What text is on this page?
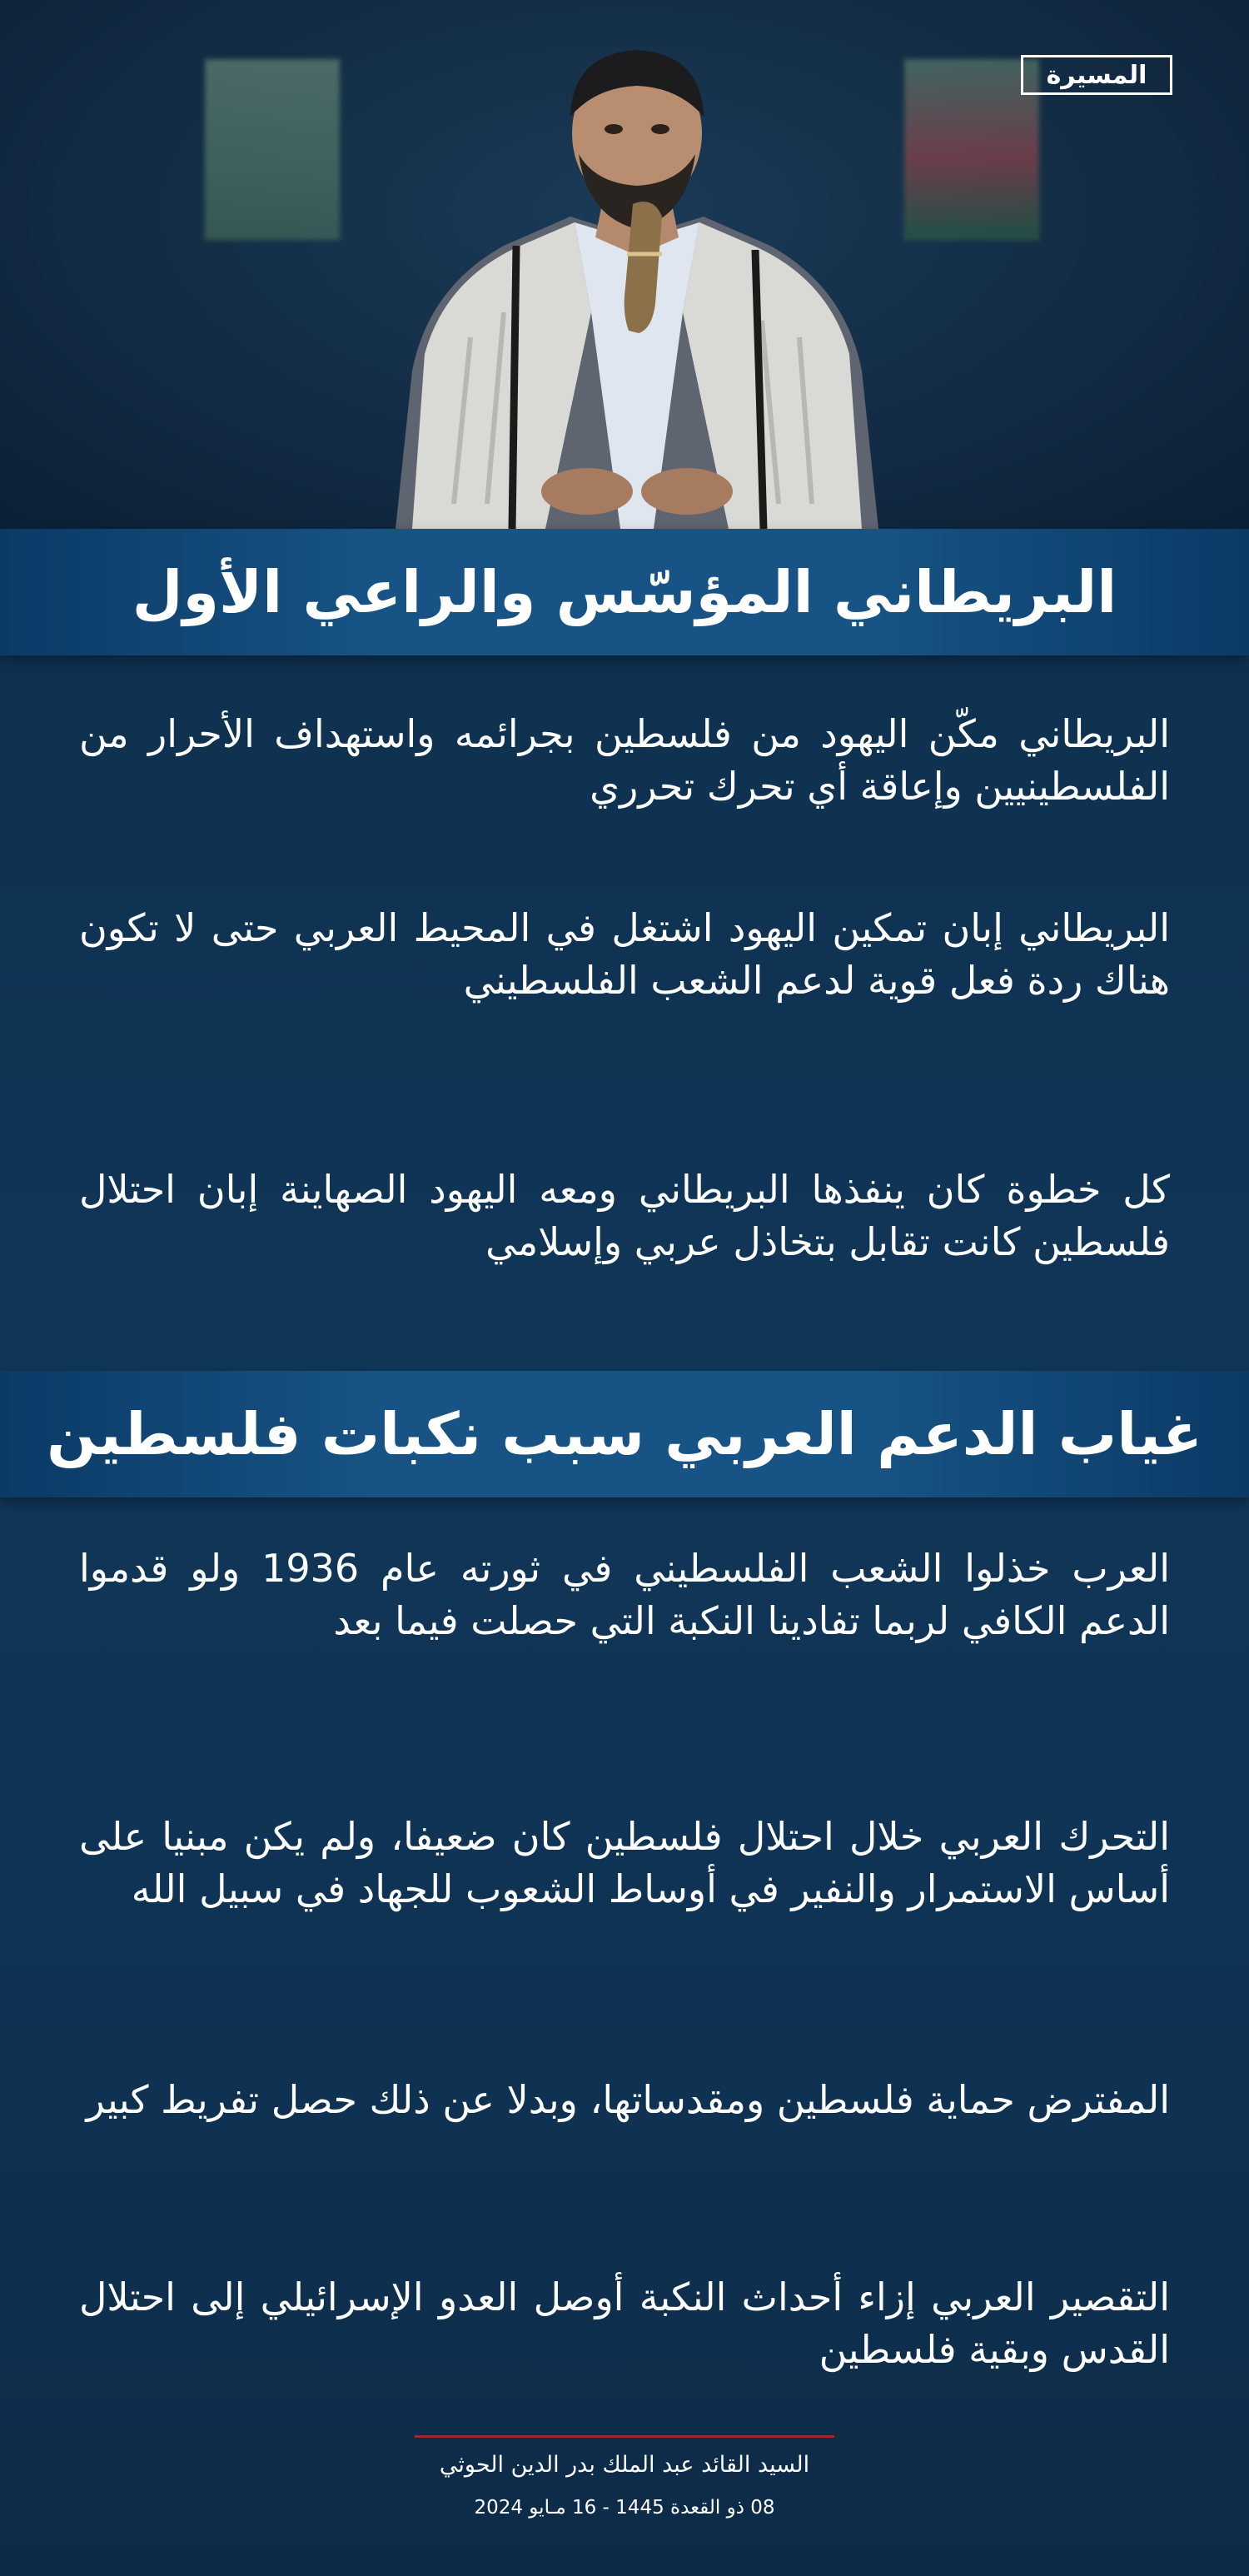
المسيرة
البريطاني المؤسّس والراعي الأول

البريطاني مكّن اليهود من فلسطين بجرائمه واستهداف الأحرار من الفلسطينيين وإعاقة أي تحرك تحرري

البريطاني إبان تمكين اليهود اشتغل في المحيط العربي حتى لا تكون هناك ردة فعل قوية لدعم الشعب الفلسطيني

كل خطوة كان ينفذها البريطاني ومعه اليهود الصهاينة إبان احتلال فلسطين كانت تقابل بتخاذل عربي وإسلامي

غياب الدعم العربي سبب نكبات فلسطين

العرب خذلوا الشعب الفلسطيني في ثورته عام 1936 ولو قدموا الدعم الكافي لربما تفادينا النكبة التي حصلت فيما بعد

التحرك العربي خلال احتلال فلسطين كان ضعيفا، ولم يكن مبنيا على أساس الاستمرار والنفير في أوساط الشعوب للجهاد في سبيل الله

المفترض حماية فلسطين ومقدساتها، وبدلا عن ذلك حصل تفريط كبير

التقصير العربي إزاء أحداث النكبة أوصل العدو الإسرائيلي إلى احتلال القدس وبقية فلسطين

السيد القائد عبد الملك بدر الدين الحوثي

08 ذو القعدة 1445 - 16 مـايو 2024
